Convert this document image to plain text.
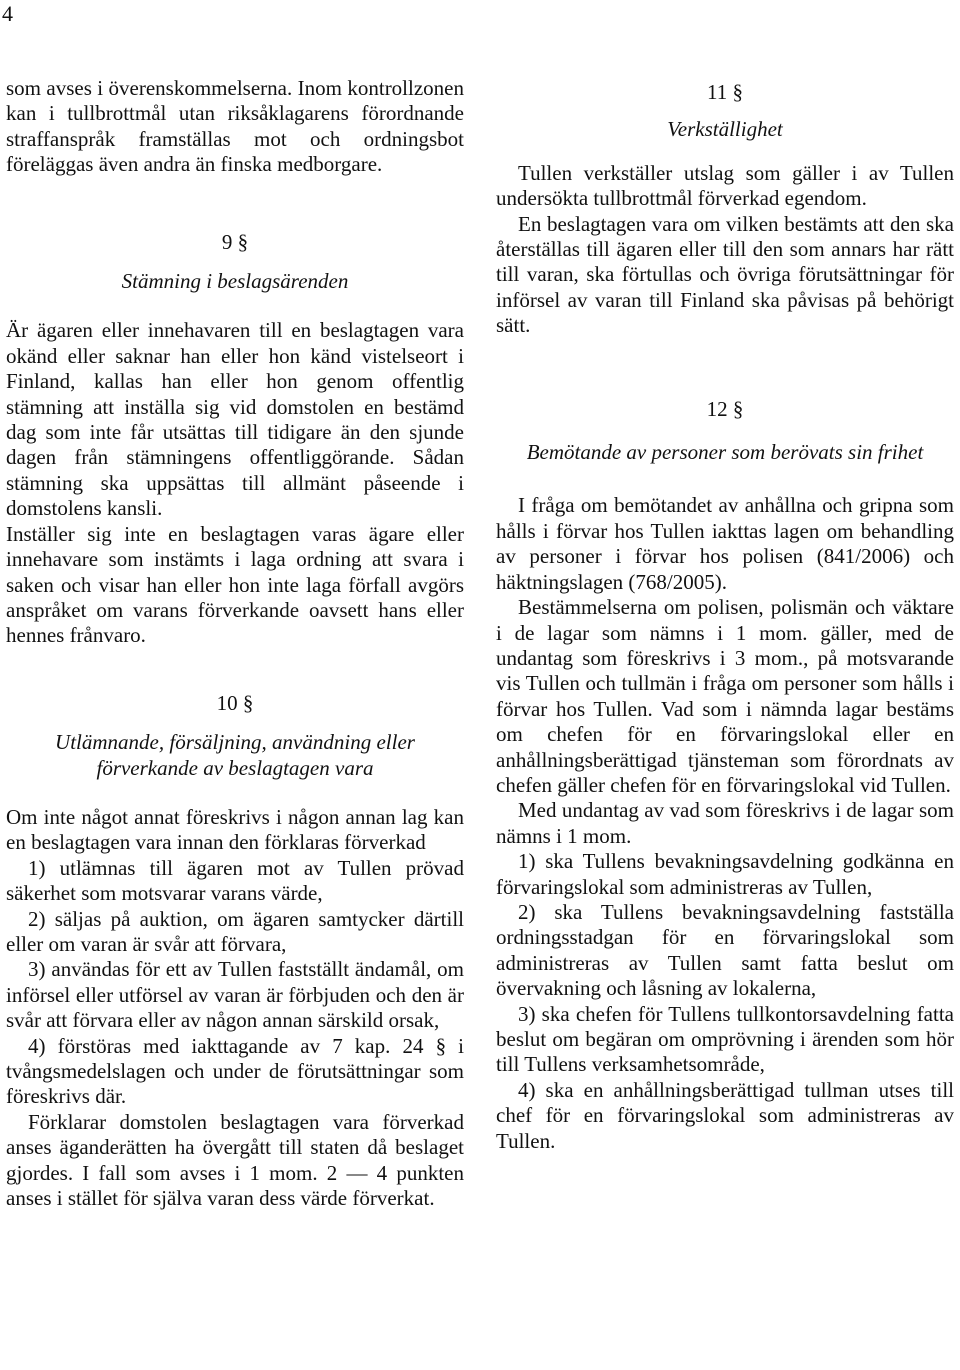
4

som avses i överenskommelserna. Inom kontrollzonen kan i tullbrottmål utan riksåklagarens förordnande straffanspråk framställas mot och ordningsbot föreläggas även andra än finska medborgare.

9 §

Stämning i beslagsärenden

Är ägaren eller innehavaren till en beslagtagen vara okänd eller saknar han eller hon känd vistelseort i Finland, kallas han eller hon genom offentlig stämning att inställa sig vid domstolen en bestämd dag som inte får utsättas till tidigare än den sjunde dagen från stämningens offentliggörande. Sådan stämning ska uppsättas till allmänt påseende i domstolens kansli.

Inställer sig inte en beslagtagen varas ägare eller innehavare som instämts i laga ordning att svara i saken och visar han eller hon inte laga förfall avgörs anspråket om varans förverkande oavsett hans eller hennes frånvaro.

10 §

Utlämnande, försäljning, användning eller förverkande av beslagtagen vara

Om inte något annat föreskrivs i någon annan lag kan en beslagtagen vara innan den förklaras förverkad

1) utlämnas till ägaren mot av Tullen prövad säkerhet som motsvarar varans värde,

2) säljas på auktion, om ägaren samtycker därtill eller om varan är svår att förvara,

3) användas för ett av Tullen fastställt ändamål, om införsel eller utförsel av varan är förbjuden och den är svår att förvara eller av någon annan särskild orsak,

4) förstöras med iakttagande av 7 kap. 24 § i tvångsmedelslagen och under de förutsättningar som föreskrivs där.

Förklarar domstolen beslagtagen vara förverkad anses äganderätten ha övergått till staten då beslaget gjordes. I fall som avses i 1 mom. 2 — 4 punkten anses i stället för själva varan dess värde förverkat.

11 §

Verkställighet

Tullen verkställer utslag som gäller i av Tullen undersökta tullbrottmål förverkad egendom.

En beslagtagen vara om vilken bestämts att den ska återställas till ägaren eller till den som annars har rätt till varan, ska förtullas och övriga förutsättningar för införsel av varan till Finland ska påvisas på behörigt sätt.

12 §

Bemötande av personer som berövats sin frihet

I fråga om bemötandet av anhållna och gripna som hålls i förvar hos Tullen iakttas lagen om behandling av personer i förvar hos polisen (841/2006) och häktningslagen (768/2005).

Bestämmelserna om polisen, polismän och väktare i de lagar som nämns i 1 mom. gäller, med de undantag som föreskrivs i 3 mom., på motsvarande vis Tullen och tullmän i fråga om personer som hålls i förvar hos Tullen. Vad som i nämnda lagar bestäms om chefen för en förvaringslokal eller en anhållningsberättigad tjänsteman som förordnats av chefen gäller chefen för en förvaringslokal vid Tullen.

Med undantag av vad som föreskrivs i de lagar som nämns i 1 mom.

1) ska Tullens bevakningsavdelning godkänna en förvaringslokal som administreras av Tullen,

2) ska Tullens bevakningsavdelning fastställa ordningsstadgan för en förvaringslokal som administreras av Tullen samt fatta beslut om övervakning och låsning av lokalerna,

3) ska chefen för Tullens tullkontorsavdelning fatta beslut om begäran om omprövning i ärenden som hör till Tullens verksamhetsområde,

4) ska en anhållningsberättigad tullman utses till chef för en förvaringslokal som administreras av Tullen.
